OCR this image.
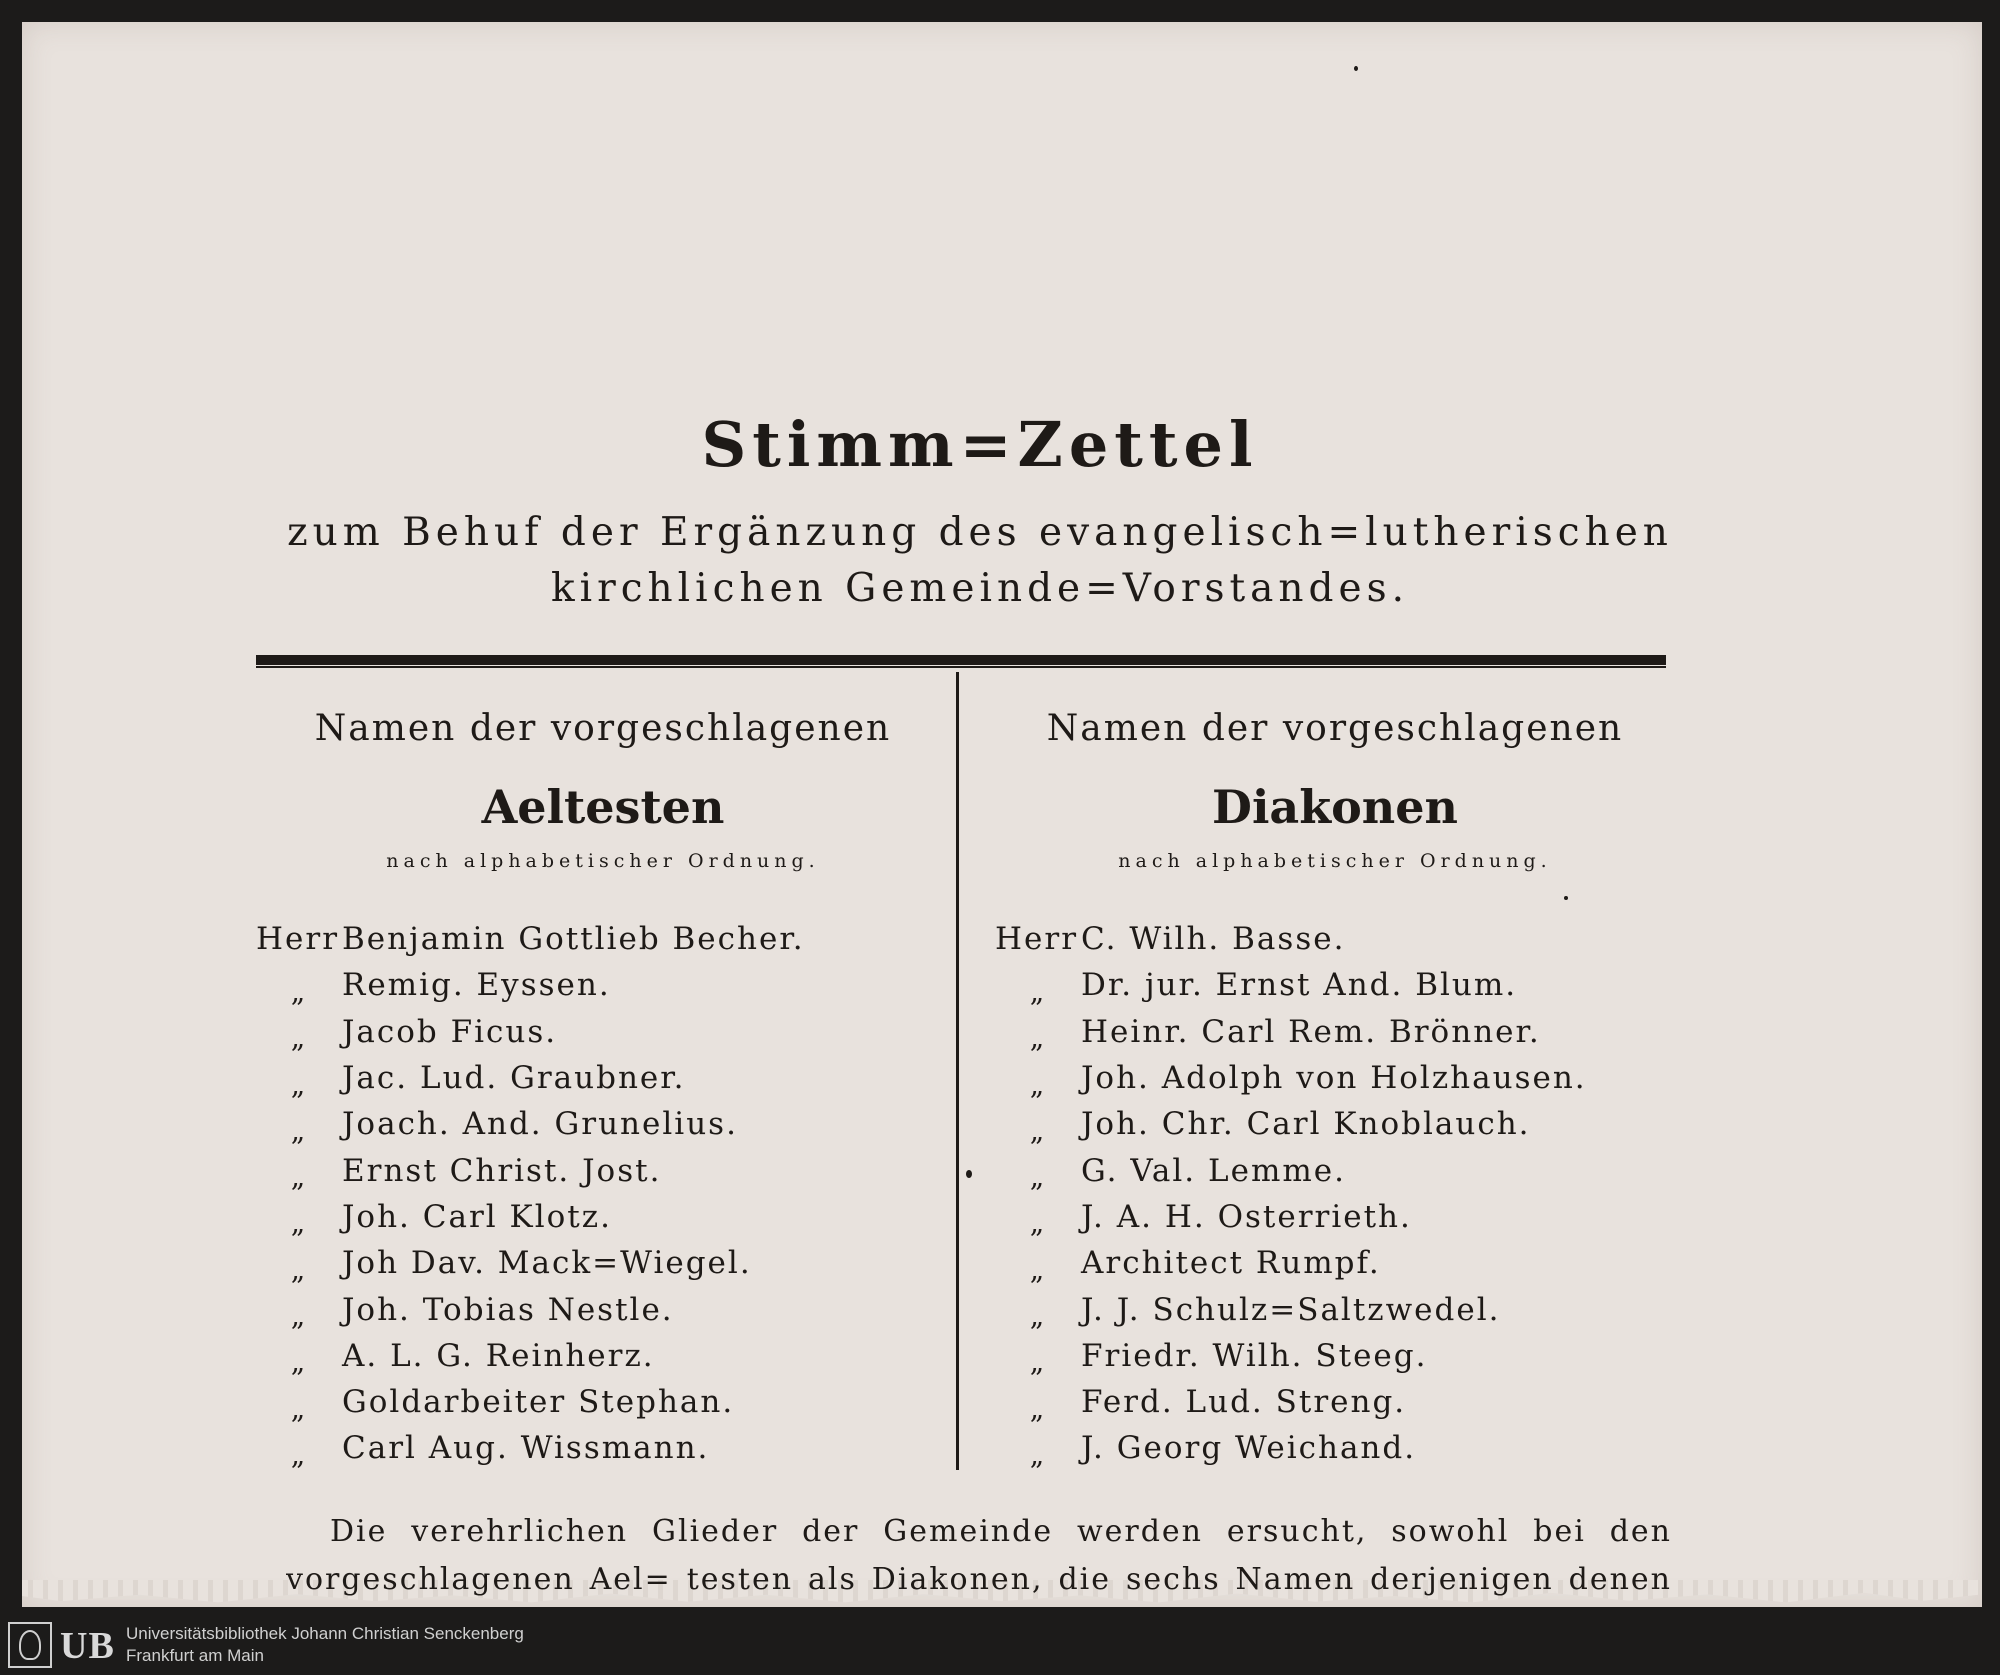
Stimm=Zettel
zum Behuf der Ergänzung des evangelisch=lutherischen
kirchlichen Gemeinde=Vorstandes.
Namen der vorgeschlagenen
Aeltesten
nach alphabetischer Ordnung.
Herr Benjamin Gottlieb Becher.
„	Remig. Eyssen.
„	Jacob Ficus.
„	Jac. Lud. Graubner.
„	Joach. And. Grunelius.
„	Ernst Christ. Jost.
„	Joh. Carl Klotz.
„	Joh Dav. Mack=Wiegel.
„	Joh. Tobias Nestle.
„	A. L. G. Reinherz.
„	Goldarbeiter Stephan.
„	Carl Aug. Wissmann.
Namen der vorgeschlagenen
Diakonen
nach alphabetischer Ordnung.
Herr C. Wilh. Basse.
„	Dr. jur. Ernst And. Blum.
„	Heinr. Carl Rem. Brönner.
„	Joh. Adolph von Holzhausen.
„	Joh. Chr. Carl Knoblauch.
„	G. Val. Lemme.
„	J. A. H. Osterrieth.
„	Architect Rumpf.
„	J. J. Schulz=Saltzwedel.
„	Friedr. Wilh. Steeg.
„	Ferd. Lud. Streng.
„	J. Georg Weichand.
Die verehrlichen Glieder der Gemeinde werden ersucht, sowohl bei den vorgeschlagenen Ael= testen als Diakonen, die sechs Namen derjenigen denen
UB Universitätsbibliothek Johann Christian Senckenberg
Frankfurt am Main
